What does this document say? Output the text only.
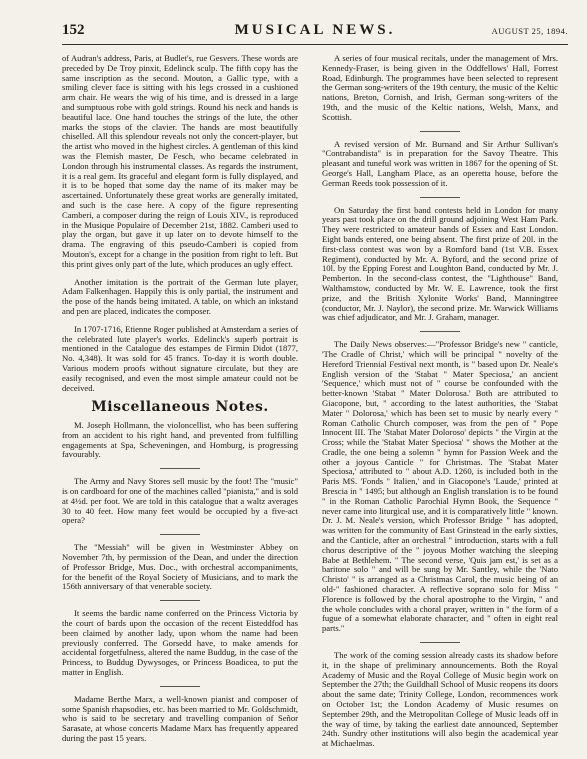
152	MUSICAL NEWS.	AUGUST 25, 1894.

of Audran's address, Paris, at Budlet's, rue Gesvers. These words are preceded by De Troy pinxit, Edelinck sculp. The fifth copy has the same inscription as the second. Mouton, a Gallic type, with a smiling clever face is sitting with his legs crossed in a cushioned arm chair. He wears the wig of his time, and is dressed in a large and sumptuous robe with gold strings. Round his neck and hands is beautiful lace. One hand touches the strings of the lute, the other marks the stops of the clavier. The hands are most beautifully chiselled. All this splendour reveals not only the concert-player, but the artist who moved in the highest circles. A gentleman of this kind was the Flemish master, De Fesch, who became celebrated in London through his instrumental classes. As regards the instrument, it is a real gem. Its graceful and elegant form is fully displayed, and it is to be hoped that some day the name of its maker may be ascertained. Unfortunately these great works are generally imitated, and such is the case here. A copy of the figure representing Camberi, a composer during the reign of Louis XIV., is reproduced in the Musique Populaire of December 21st, 1882. Camberi used to play the organ, but gave it up later on to devote himself to the drama. The engraving of this pseudo-Camberi is copied from Mouton's, except for a change in the position from right to left. But this print gives only part of the lute, which produces an ugly effect.

Another imitation is the portrait of the German lute player, Adam Falkenhagen. Happily this is only partial, the instrument and the pose of the hands being imitated. A table, on which an inkstand and pen are placed, indicates the composer.

In 1707-1716, Etienne Roger published at Amsterdam a series of the celebrated lute player's works. Edelinck's superb portrait is mentioned in the Catalogue des estampes de Firmin Didot (1877, No. 4,348). It was sold for 45 francs. To-day it is worth double. Various modern proofs without signature circulate, but they are easily recognised, and even the most simple amateur could not be deceived.

Miscellaneous Notes.

M. Joseph Hollmann, the violoncellist, who has been suffering from an accident to his right hand, and prevented from fulfilling engagements at Spa, Scheveningen, and Homburg, is progressing favourably.

The Army and Navy Stores sell music by the foot! The "music" is on cardboard for one of the machines called "pianista," and is sold at 4½d. per foot. We are told in this catalogue that a waltz averages 30 to 40 feet. How many feet would be occupied by a five-act opera?

The "Messiah" will be given in Westminster Abbey on November 7th, by permission of the Dean, and under the direction of Professor Bridge, Mus. Doc., with orchestral accompaniments, for the benefit of the Royal Society of Musicians, and to mark the 156th anniversary of that venerable society.

It seems the bardic name conferred on the Princess Victoria by the court of bards upon the occasion of the recent Eisteddfod has been claimed by another lady, upon whom the name had been previously conferred. The Gorsedd have, to make amends for accidental forgetfulness, altered the name Buddug, in the case of the Princess, to Buddug Dywysoges, or Princess Boadicea, to put the matter in English.

Madame Berthe Marx, a well-known pianist and composer of some Spanish rhapsodies, etc. has been married to Mr. Goldschmidt, who is said to be secretary and travelling companion of Señor Sarasate, at whose concerts Madame Marx has frequently appeared during the past 15 years.

A series of four musical recitals, under the management of Mrs. Kennedy-Fraser, is being given in the Oddfellows' Hall, Forrest Road, Edinburgh. The programmes have been selected to represent the German song-writers of the 19th century, the music of the Keltic nations, Breton, Cornish, and Irish, German song-writers of the 19th, and the music of the Keltic nations, Welsh, Manx, and Scottish.

A revised version of Mr. Burnand and Sir Arthur Sullivan's "Contrabandista" is in preparation for the Savoy Theatre. This pleasant and tuneful work was written in 1867 for the opening of St. George's Hall, Langham Place, as an operetta house, before the German Reeds took possession of it.

On Saturday the first band contests held in London for many years past took place on the drill ground adjoining West Ham Park. They were restricted to amateur bands of Essex and East London. Eight bands entered, one being absent. The first prize of 20l. in the first-class contest was won by a Romford band (1st V.B. Essex Regiment), conducted by Mr. A. Byford, and the second prize of 10l. by the Epping Forest and Loughton Band, conducted by Mr. J. Pemberton. In the second-class contest, the "Lighthouse" Band, Walthamstow, conducted by Mr. W. E. Lawrence, took the first prize, and the British Xylonite Works' Band, Manningtree (conductor, Mr. J. Naylor), the second prize. Mr. Warwick Williams was chief adjudicator, and Mr. J. Graham, manager.

The Daily News observes:—"Professor Bridge's new " canticle, 'The Cradle of Christ,' which will be principal " novelty of the Hereford Triennial Festival next month, is " based upon Dr. Neale's English version of the 'Stabat " Mater Speciosa,' an ancient 'Sequence,' which must not of " course be confounded with the better-known 'Stabat " Mater Dolorosa.' Both are attributed to Giacopone, but, " according to the latest authorities, the 'Stabat Mater " Dolorosa,' which has been set to music by nearly every " Roman Catholic Church composer, was from the pen of " Pope Innocent III. The 'Stabat Mater Doloroso' depicts " the Virgin at the Cross; while the 'Stabat Mater Speciosa' " shows the Mother at the Cradle, the one being a solemn " hymn for Passion Week and the other a joyous Canticle " for Christmas. The 'Stabat Mater Speciosa,' attributed to " about A.D. 1260, is included both in the Paris MS. 'Fonds " Italien,' and in Giacopone's 'Laude,' printed at Brescia in " 1495; but although an English translation is to be found " in the Roman Catholic Parochial Hymn Book, the Sequence " never came into liturgical use, and it is comparatively little " known. Dr. J. M. Neale's version, which Professor Bridge " has adopted, was written for the community of East Grinstead in the early sixties, and the Canticle, after an orchestral " introduction, starts with a full chorus descriptive of the " joyous Mother watching the sleeping Babe at Bethlehem. " The second verse, 'Quis jam est,' is set as a baritone solo " and will be sung by Mr. Santley, while the 'Nato Christo' " is arranged as a Christmas Carol, the music being of an old-" fashioned character. A reflective soprano solo for Miss " Florence is followed by the choral apostrophe to the Virgin, " and the whole concludes with a choral prayer, written in " the form of a fugue of a somewhat elaborate character, and " often in eight real parts."

The work of the coming session already casts its shadow before it, in the shape of preliminary announcements. Both the Royal Academy of Music and the Royal College of Music begin work on September the 27th; the Guildhall School of Music reopens its doors about the same date; Trinity College, London, recommences work on October 1st; the London Academy of Music resumes on September 29th, and the Metropolitan College of Music leads off in the way of time, by taking the earliest date announced, September 24th. Sundry other institutions will also begin the academical year at Michaelmas.
